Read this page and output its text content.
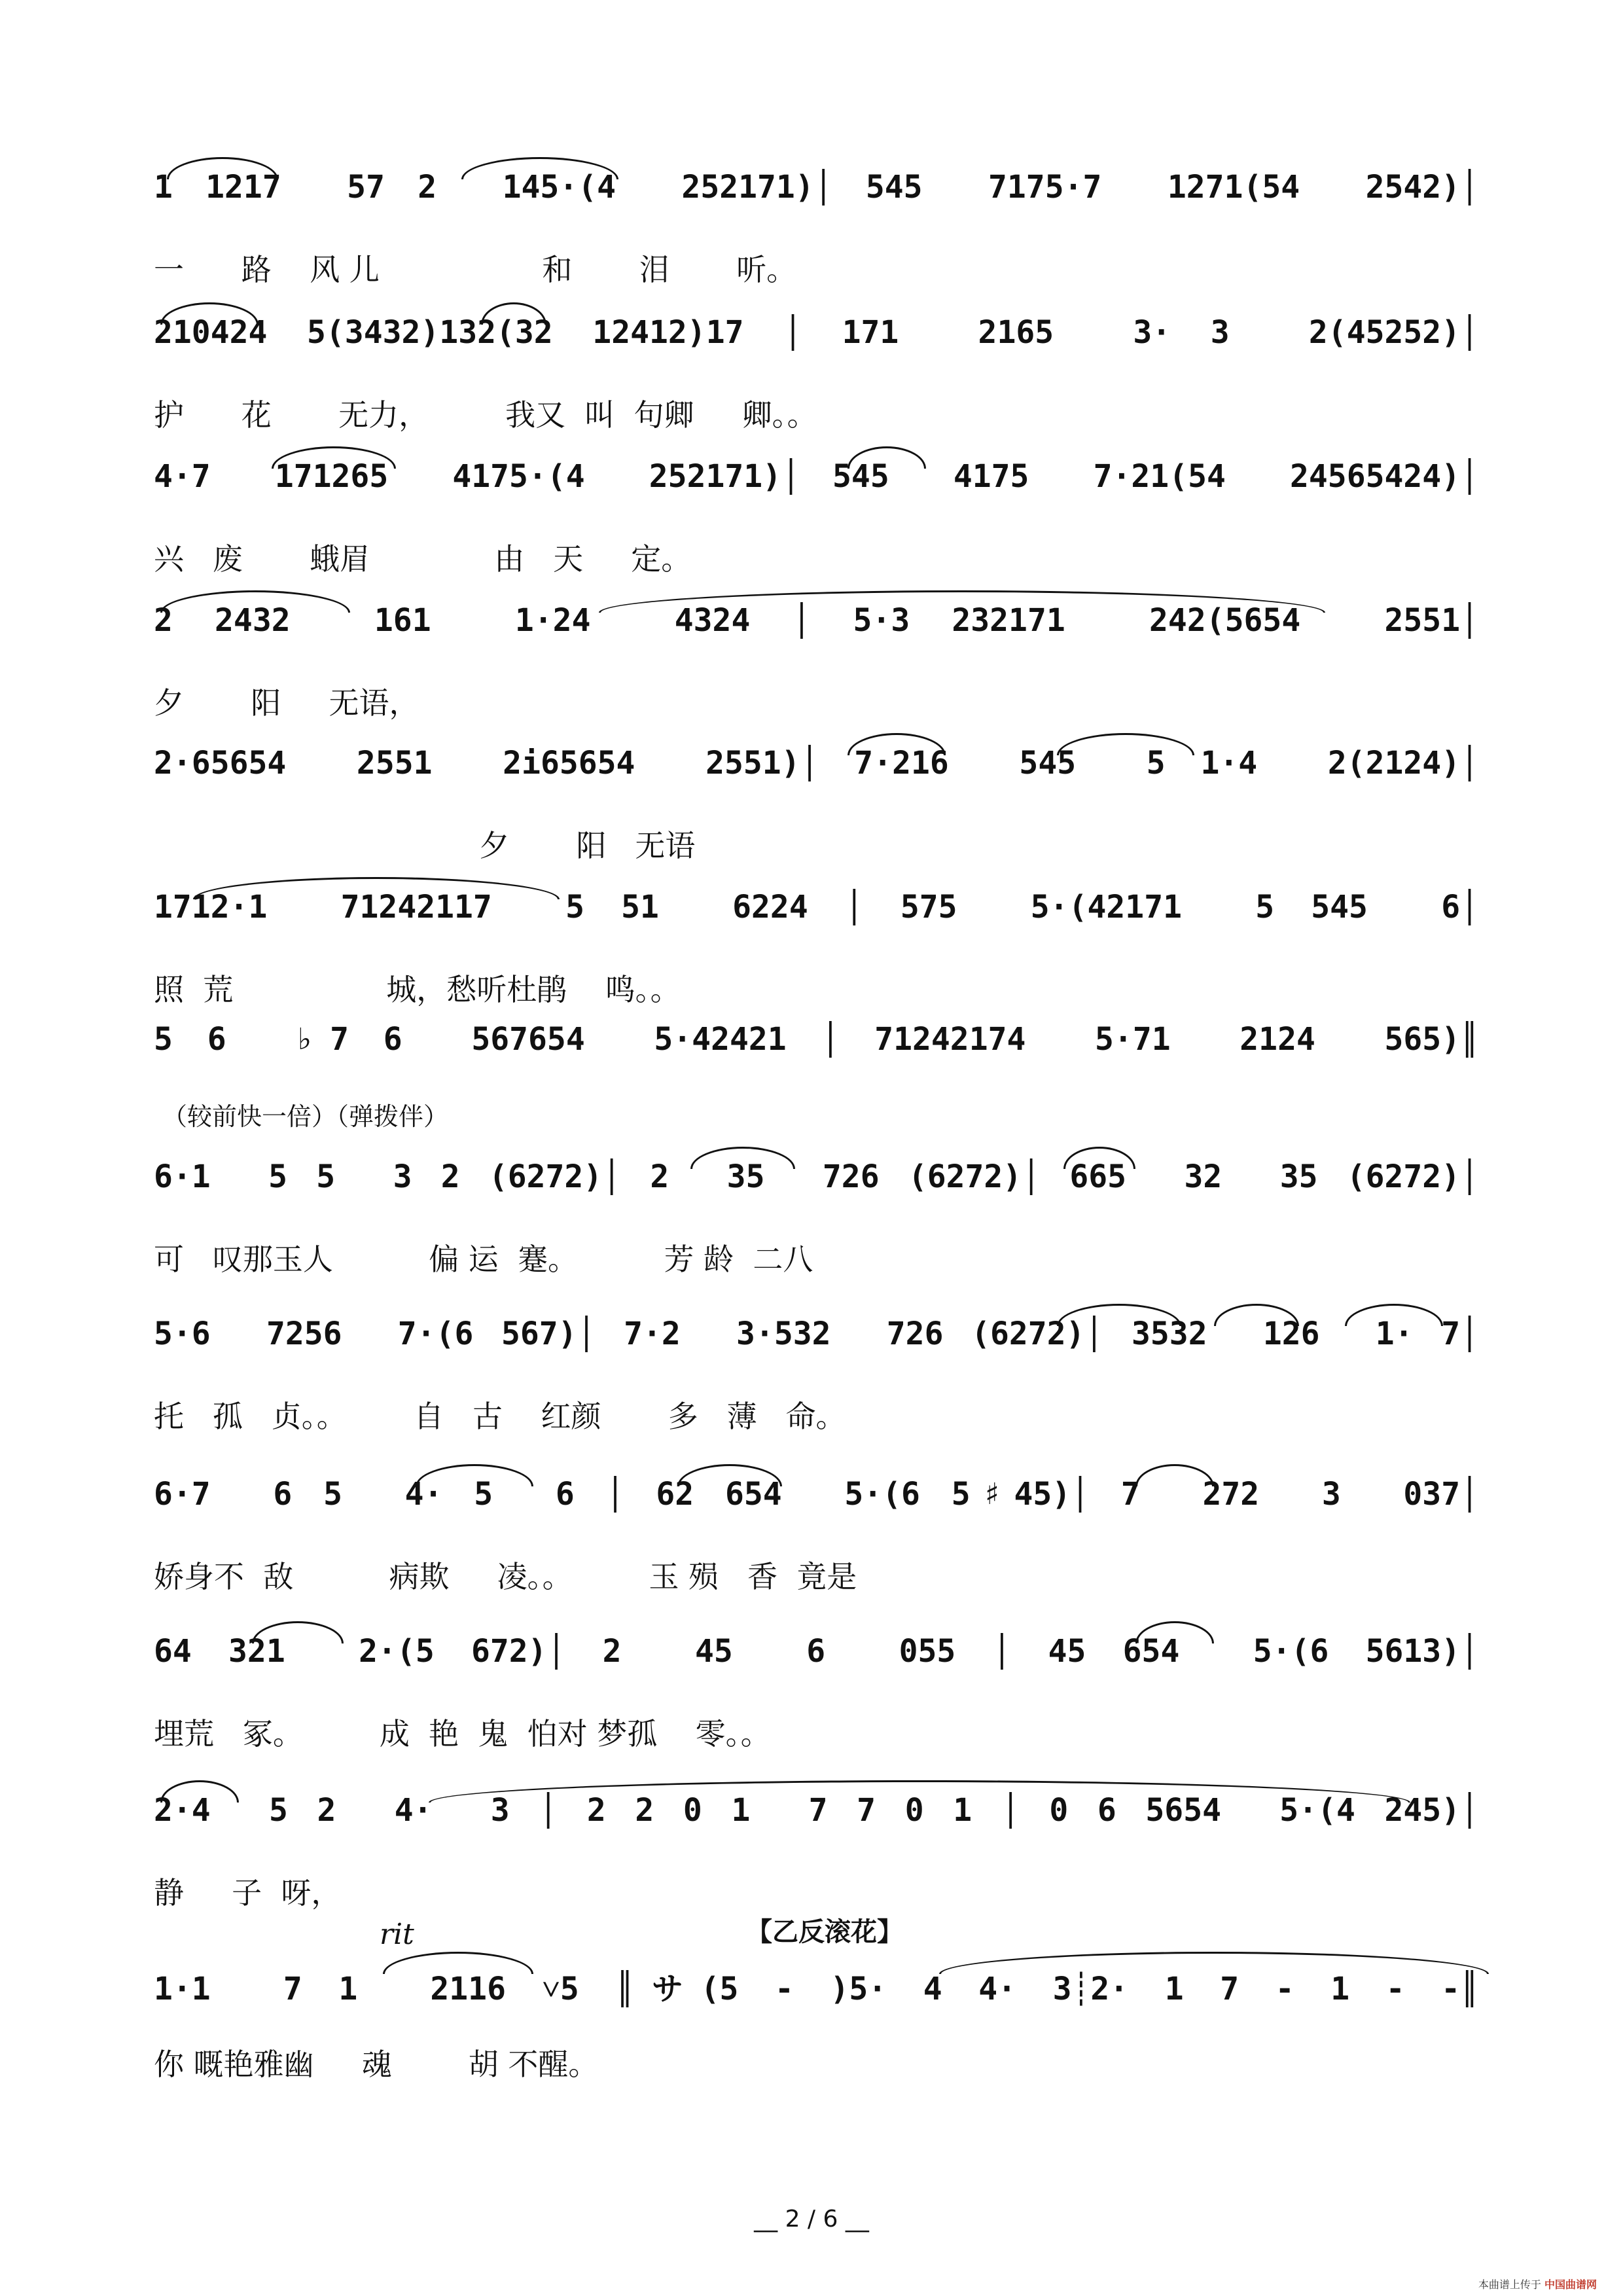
1 1217  57 2  145·(4  252171)│ 545  7175·7  1271(54  2542)│
一      路    风 儿                 和       泪       听。
210424 5(3432)132(32 12412)17 │ 171  2165  3· 3  2(45252)│
护      花       无力，        我又  叫  句卿     卿。。
4·7  171265  4175·(4  252171)│ 545  4175  7·21(54  24565424)│
兴   废       蛾眉             由   天     定。
2 2432  161  1·24  4324 │ 5·3 232171  242(5654  2551│
夕       阳     无语，
2·65654  2551  2i65654  2551)│ 7·216  545  5 1·4  2(2124)│
夕       阳   无语
1712·1  71242117  5 51  6224 │ 575  5·(42171  5 545  6│
照  荒                城，愁听杜鹃    鸣。。
5 6  ♭7 6  567654  5·42421 │ 71242174  5·71  2124  565)║
（较前快一倍）（弹拨伴）
6·1  5 5  3 2 (6272)│ 2  35  726 (6272)│ 665  32  35 (6272)│
可   叹那玉人          偏 运  蹇。         芳 龄  二八
5·6  7256  7·(6 567)│ 7·2  3·532  726 (6272)│ 3532  126  1· 7│
托   孤   贞。。       自   古    红颜       多   薄   命。
6·7  6 5  4· 5  6 │ 62 654  5·(6 5♯45)│ 7  272  3  037│
娇身不  敌          病欺     凌。。        玉 殒   香  竟是
64 321  2·(5 672)│ 2  45  6  055 │ 45 654  5·(6 5613)│
埋荒   冢。        成  艳  鬼  怕对 梦孤    零。。
2·4  5 2  4·  3 │ 2 2 0 1  7 7 0 1 │ 0 6 5654  5·(4 245)│
静     子  呀，
rit	【乙反滚花】
1·1  7 1  2116 ˅5 ║サ(5 - )5· 4 4· 3┊2· 1 7 - 1 - -║
你 嘅艳雅幽     魂        胡 不醒。
__ 2 / 6 __
本曲谱上传于 中国曲谱网
